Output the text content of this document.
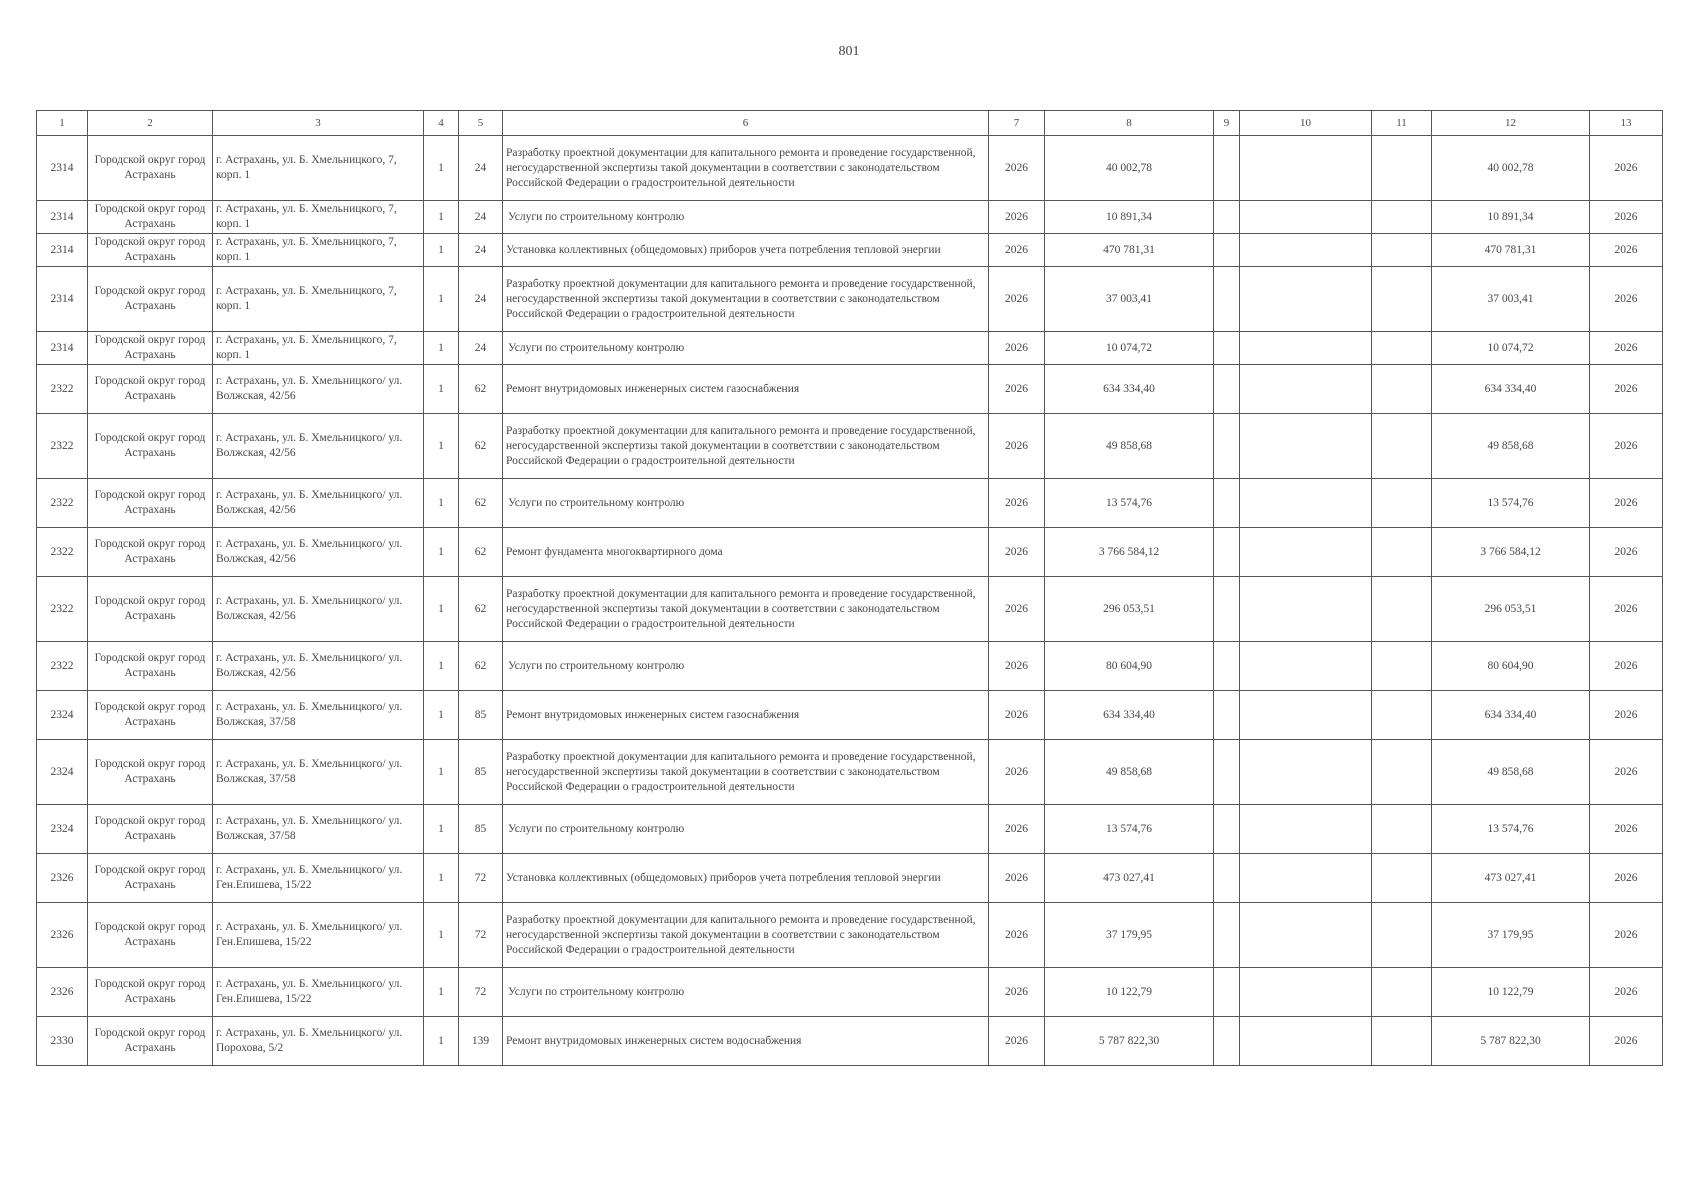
801
1	2	3	4	5	6	7	8	9	10	11	12	13
2314	Городской округ город Астрахань	г. Астрахань, ул. Б. Хмельницкого, 7, корп. 1	1	24	Разработку проектной документации для капитального ремонта и проведение государственной, негосударственной экспертизы такой документации в соответствии с законодательством Российской Федерации о градостроительной деятельности	2026	40 002,78				40 002,78	2026
2314	Городской округ город Астрахань	г. Астрахань, ул. Б. Хмельницкого, 7, корп. 1	1	24	Услуги по строительному контролю	2026	10 891,34				10 891,34	2026
2314	Городской округ город Астрахань	г. Астрахань, ул. Б. Хмельницкого, 7, корп. 1	1	24	Установка коллективных (общедомовых) приборов учета потребления тепловой энергии	2026	470 781,31				470 781,31	2026
2314	Городской округ город Астрахань	г. Астрахань, ул. Б. Хмельницкого, 7, корп. 1	1	24	Разработку проектной документации для капитального ремонта и проведение государственной, негосударственной экспертизы такой документации в соответствии с законодательством Российской Федерации о градостроительной деятельности	2026	37 003,41				37 003,41	2026
2314	Городской округ город Астрахань	г. Астрахань, ул. Б. Хмельницкого, 7, корп. 1	1	24	Услуги по строительному контролю	2026	10 074,72				10 074,72	2026
2322	Городской округ город Астрахань	г. Астрахань, ул. Б. Хмельницкого/ ул. Волжская, 42/56	1	62	Ремонт внутридомовых инженерных систем газоснабжения	2026	634 334,40				634 334,40	2026
2322	Городской округ город Астрахань	г. Астрахань, ул. Б. Хмельницкого/ ул. Волжская, 42/56	1	62	Разработку проектной документации для капитального ремонта и проведение государственной, негосударственной экспертизы такой документации в соответствии с законодательством Российской Федерации о градостроительной деятельности	2026	49 858,68				49 858,68	2026
2322	Городской округ город Астрахань	г. Астрахань, ул. Б. Хмельницкого/ ул. Волжская, 42/56	1	62	Услуги по строительному контролю	2026	13 574,76				13 574,76	2026
2322	Городской округ город Астрахань	г. Астрахань, ул. Б. Хмельницкого/ ул. Волжская, 42/56	1	62	Ремонт фундамента многоквартирного дома	2026	3 766 584,12				3 766 584,12	2026
2322	Городской округ город Астрахань	г. Астрахань, ул. Б. Хмельницкого/ ул. Волжская, 42/56	1	62	Разработку проектной документации для капитального ремонта и проведение государственной, негосударственной экспертизы такой документации в соответствии с законодательством Российской Федерации о градостроительной деятельности	2026	296 053,51				296 053,51	2026
2322	Городской округ город Астрахань	г. Астрахань, ул. Б. Хмельницкого/ ул. Волжская, 42/56	1	62	Услуги по строительному контролю	2026	80 604,90				80 604,90	2026
2324	Городской округ город Астрахань	г. Астрахань, ул. Б. Хмельницкого/ ул. Волжская, 37/58	1	85	Ремонт внутридомовых инженерных систем газоснабжения	2026	634 334,40				634 334,40	2026
2324	Городской округ город Астрахань	г. Астрахань, ул. Б. Хмельницкого/ ул. Волжская, 37/58	1	85	Разработку проектной документации для капитального ремонта и проведение государственной, негосударственной экспертизы такой документации в соответствии с законодательством Российской Федерации о градостроительной деятельности	2026	49 858,68				49 858,68	2026
2324	Городской округ город Астрахань	г. Астрахань, ул. Б. Хмельницкого/ ул. Волжская, 37/58	1	85	Услуги по строительному контролю	2026	13 574,76				13 574,76	2026
2326	Городской округ город Астрахань	г. Астрахань, ул. Б. Хмельницкого/ ул. Ген.Епишева, 15/22	1	72	Установка коллективных (общедомовых) приборов учета потребления тепловой энергии	2026	473 027,41				473 027,41	2026
2326	Городской округ город Астрахань	г. Астрахань, ул. Б. Хмельницкого/ ул. Ген.Епишева, 15/22	1	72	Разработку проектной документации для капитального ремонта и проведение государственной, негосударственной экспертизы такой документации в соответствии с законодательством Российской Федерации о градостроительной деятельности	2026	37 179,95				37 179,95	2026
2326	Городской округ город Астрахань	г. Астрахань, ул. Б. Хмельницкого/ ул. Ген.Епишева, 15/22	1	72	Услуги по строительному контролю	2026	10 122,79				10 122,79	2026
2330	Городской округ город Астрахань	г. Астрахань, ул. Б. Хмельницкого/ ул. Порохова, 5/2	1	139	Ремонт внутридомовых инженерных систем водоснабжения	2026	5 787 822,30				5 787 822,30	2026
